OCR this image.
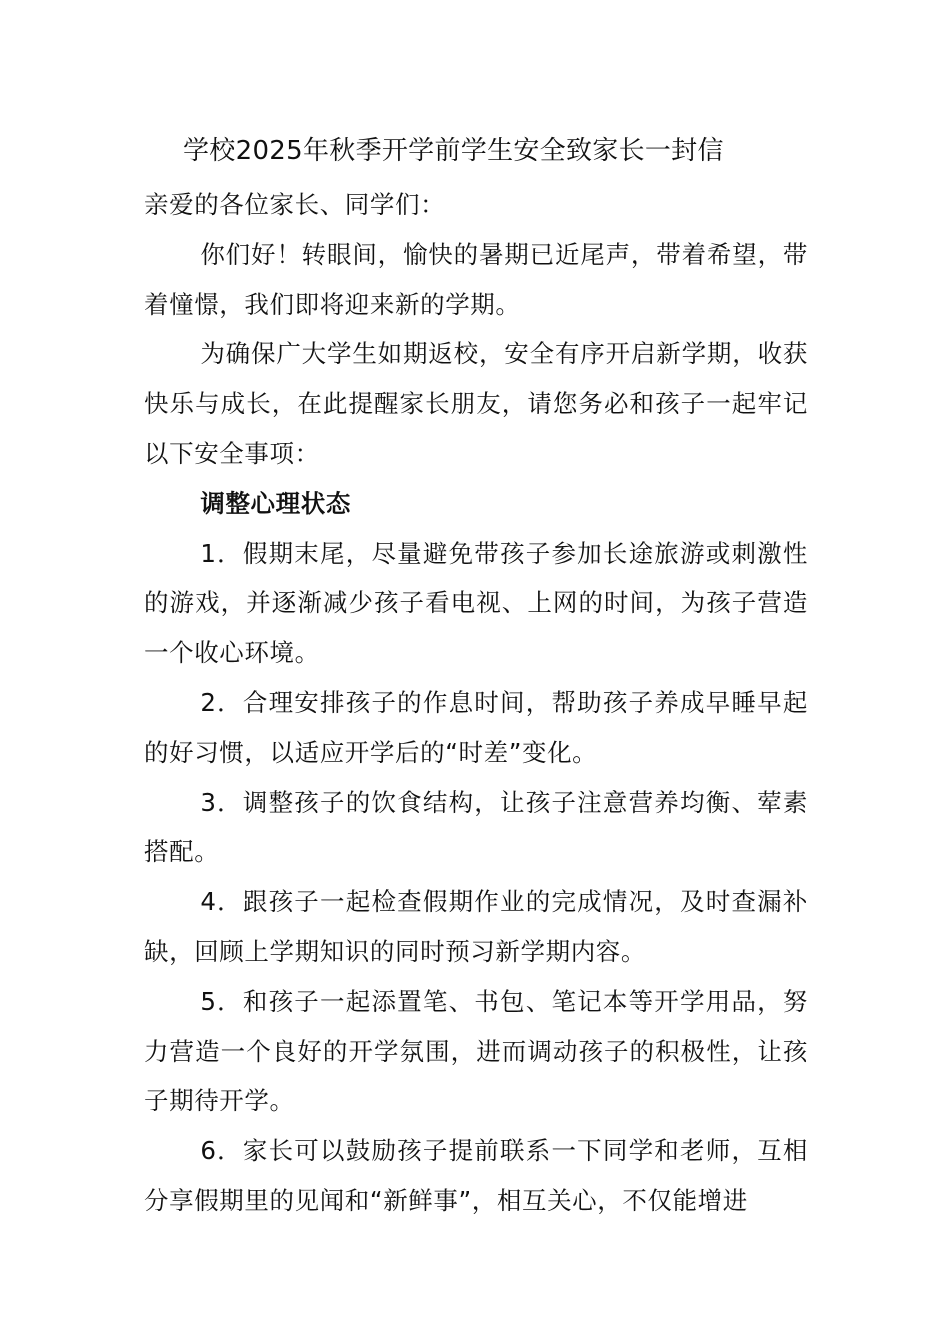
学校2025年秋季开学前学生安全致家长一封信

亲爱的各位家长、同学们：

你们好！转眼间，愉快的暑期已近尾声，带着希望，带着憧憬，我们即将迎来新的学期。

为确保广大学生如期返校，安全有序开启新学期，收获快乐与成长，在此提醒家长朋友，请您务必和孩子一起牢记以下安全事项：

调整心理状态

1．假期末尾，尽量避免带孩子参加长途旅游或刺激性的游戏，并逐渐减少孩子看电视、上网的时间，为孩子营造一个收心环境。

2．合理安排孩子的作息时间，帮助孩子养成早睡早起的好习惯，以适应开学后的“时差”变化。

3．调整孩子的饮食结构，让孩子注意营养均衡、荤素搭配。

4．跟孩子一起检查假期作业的完成情况，及时查漏补缺，回顾上学期知识的同时预习新学期内容。

5．和孩子一起添置笔、书包、笔记本等开学用品，努力营造一个良好的开学氛围，进而调动孩子的积极性，让孩子期待开学。

6．家长可以鼓励孩子提前联系一下同学和老师，互相分享假期里的见闻和“新鲜事”，相互关心，不仅能增进
